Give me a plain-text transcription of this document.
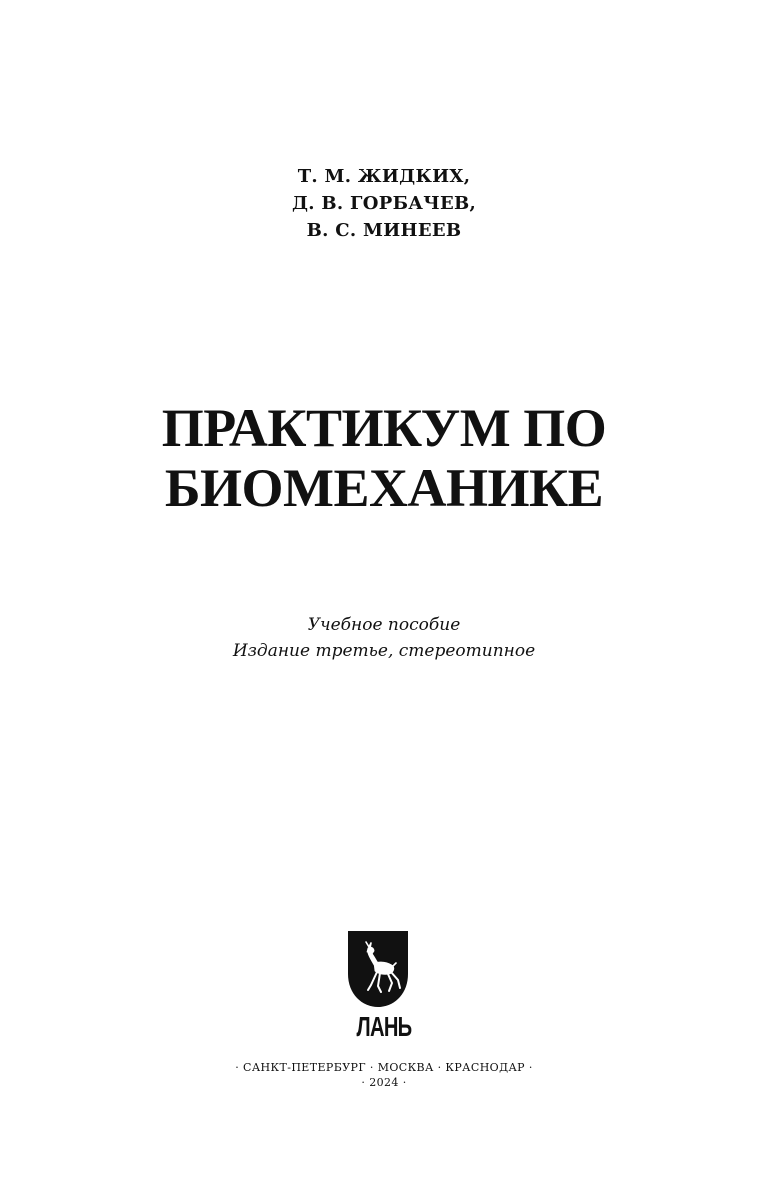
Т. М. ЖИДКИХ,
Д. В. ГОРБАЧЕВ,
В. С. МИНЕЕВ
ПРАКТИКУМ ПО
БИОМЕХАНИКЕ
Учебное пособие
Издание третье, стереотипное
ЛАНЬ
· САНКТ-ПЕТЕРБУРГ · МОСКВА · КРАСНОДАР ·
· 2024 ·
